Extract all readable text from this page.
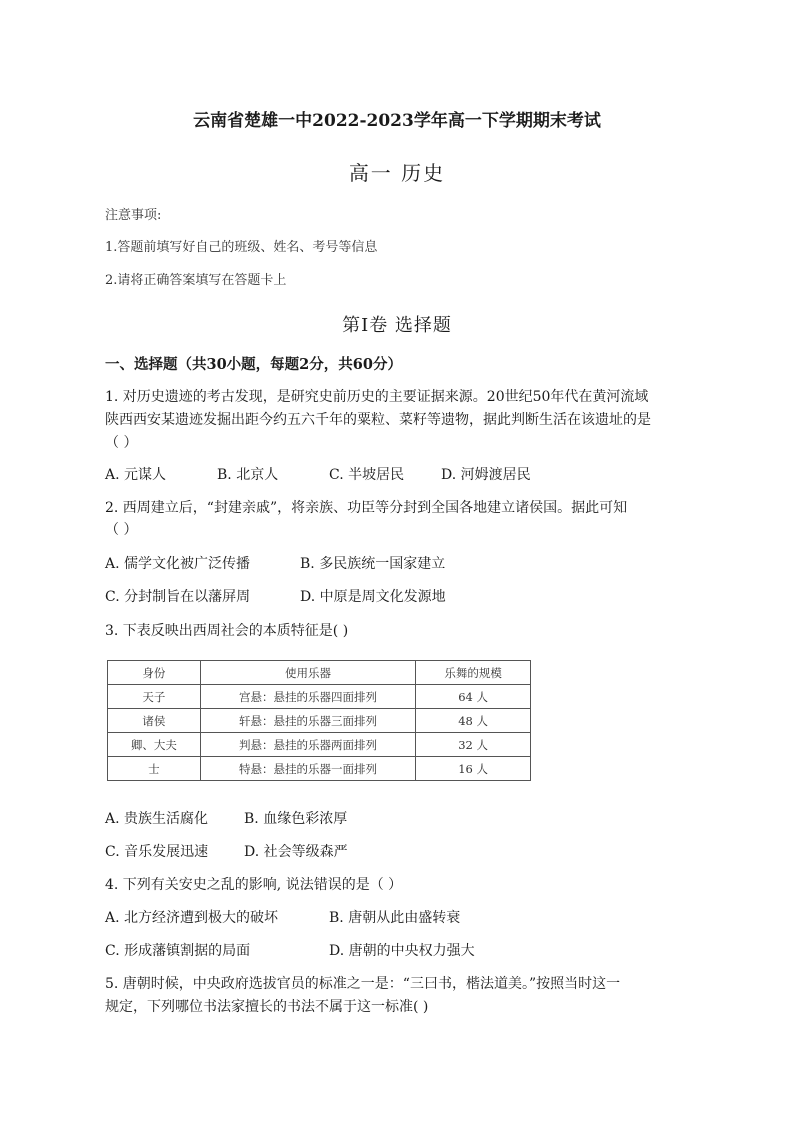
云南省楚雄一中2022-2023学年高一下学期期末考试
高一 历史
注意事项:
1.答题前填写好自己的班级、姓名、考号等信息
2.请将正确答案填写在答题卡上
第Ⅰ卷 选择题
一、选择题（共30小题，每题2分，共60分）
1. 对历史遗迹的考古发现，是研究史前历史的主要证据来源。20世纪50年代在黄河流域
陕西西安某遗迹发掘出距今约五六千年的粟粒、菜籽等遗物，据此判断生活在该遗址的是
（ ）
A. 元谋人	B. 北京人	C. 半坡居民	D. 河姆渡居民
2. 西周建立后，“封建亲戚”，将亲族、功臣等分封到全国各地建立诸侯国。据此可知
（ ）
A. 儒学文化被广泛传播	B. 多民族统一国家建立
C. 分封制旨在以藩屏周	D. 中原是周文化发源地
3. 下表反映出西周社会的本质特征是( )
身份	使用乐器	乐舞的规模
天子	宫悬：悬挂的乐器四面排列	64 人
诸侯	轩悬：悬挂的乐器三面排列	48 人
卿、大夫	判悬：悬挂的乐器两面排列	32 人
士	特悬：悬挂的乐器一面排列	16 人
A. 贵族生活腐化	B. 血缘色彩浓厚
C. 音乐发展迅速	D. 社会等级森严
4. 下列有关安史之乱的影响, 说法错误的是（ ）
A. 北方经济遭到极大的破坏	B. 唐朝从此由盛转衰
C. 形成藩镇割据的局面	D. 唐朝的中央权力强大
5. 唐朝时候，中央政府选拔官员的标准之一是：“三曰书，楷法道美。”按照当时这一
规定，下列哪位书法家擅长的书法不属于这一标准( )
